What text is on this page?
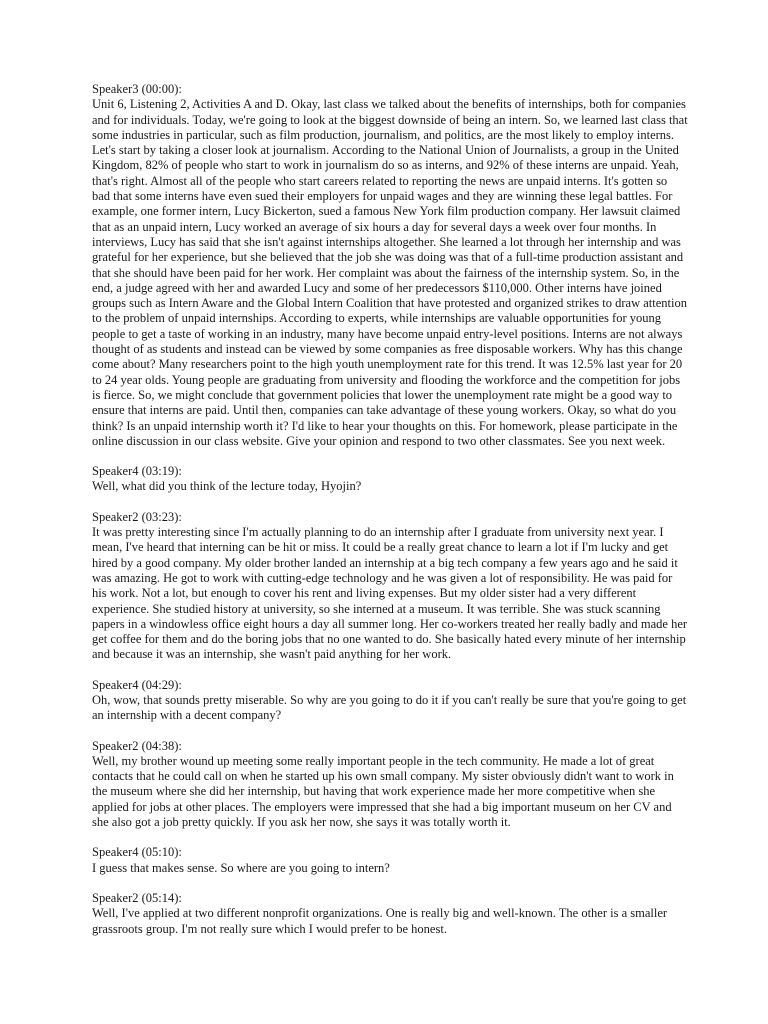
Speaker3 (00:00):
Unit 6, Listening 2, Activities A and D. Okay, last class we talked about the benefits of internships, both for companies and for individuals. Today, we're going to look at the biggest downside of being an intern. So, we learned last class that some industries in particular, such as film production, journalism, and politics, are the most likely to employ interns. Let's start by taking a closer look at journalism. According to the National Union of Journalists, a group in the United Kingdom, 82% of people who start to work in journalism do so as interns, and 92% of these interns are unpaid. Yeah, that's right. Almost all of the people who start careers related to reporting the news are unpaid interns. It's gotten so bad that some interns have even sued their employers for unpaid wages and they are winning these legal battles. For example, one former intern, Lucy Bickerton, sued a famous New York film production company. Her lawsuit claimed that as an unpaid intern, Lucy worked an average of six hours a day for several days a week over four months. In interviews, Lucy has said that she isn't against internships altogether. She learned a lot through her internship and was grateful for her experience, but she believed that the job she was doing was that of a full-time production assistant and that she should have been paid for her work. Her complaint was about the fairness of the internship system. So, in the end, a judge agreed with her and awarded Lucy and some of her predecessors $110,000. Other interns have joined groups such as Intern Aware and the Global Intern Coalition that have protested and organized strikes to draw attention to the problem of unpaid internships. According to experts, while internships are valuable opportunities for young people to get a taste of working in an industry, many have become unpaid entry-level positions. Interns are not always thought of as students and instead can be viewed by some companies as free disposable workers. Why has this change come about? Many researchers point to the high youth unemployment rate for this trend. It was 12.5% last year for 20 to 24 year olds. Young people are graduating from university and flooding the workforce and the competition for jobs is fierce. So, we might conclude that government policies that lower the unemployment rate might be a good way to ensure that interns are paid. Until then, companies can take advantage of these young workers. Okay, so what do you think? Is an unpaid internship worth it? I'd like to hear your thoughts on this. For homework, please participate in the online discussion in our class website. Give your opinion and respond to two other classmates. See you next week.
Speaker4 (03:19):
Well, what did you think of the lecture today, Hyojin?
Speaker2 (03:23):
It was pretty interesting since I'm actually planning to do an internship after I graduate from university next year. I mean, I've heard that interning can be hit or miss. It could be a really great chance to learn a lot if I'm lucky and get hired by a good company. My older brother landed an internship at a big tech company a few years ago and he said it was amazing. He got to work with cutting-edge technology and he was given a lot of responsibility. He was paid for his work. Not a lot, but enough to cover his rent and living expenses. But my older sister had a very different experience. She studied history at university, so she interned at a museum. It was terrible. She was stuck scanning papers in a windowless office eight hours a day all summer long. Her co-workers treated her really badly and made her get coffee for them and do the boring jobs that no one wanted to do. She basically hated every minute of her internship and because it was an internship, she wasn't paid anything for her work.
Speaker4 (04:29):
Oh, wow, that sounds pretty miserable. So why are you going to do it if you can't really be sure that you're going to get an internship with a decent company?
Speaker2 (04:38):
Well, my brother wound up meeting some really important people in the tech community. He made a lot of great contacts that he could call on when he started up his own small company. My sister obviously didn't want to work in the museum where she did her internship, but having that work experience made her more competitive when she applied for jobs at other places. The employers were impressed that she had a big important museum on her CV and she also got a job pretty quickly. If you ask her now, she says it was totally worth it.
Speaker4 (05:10):
I guess that makes sense. So where are you going to intern?
Speaker2 (05:14):
Well, I've applied at two different nonprofit organizations. One is really big and well-known. The other is a smaller grassroots group. I'm not really sure which I would prefer to be honest.
